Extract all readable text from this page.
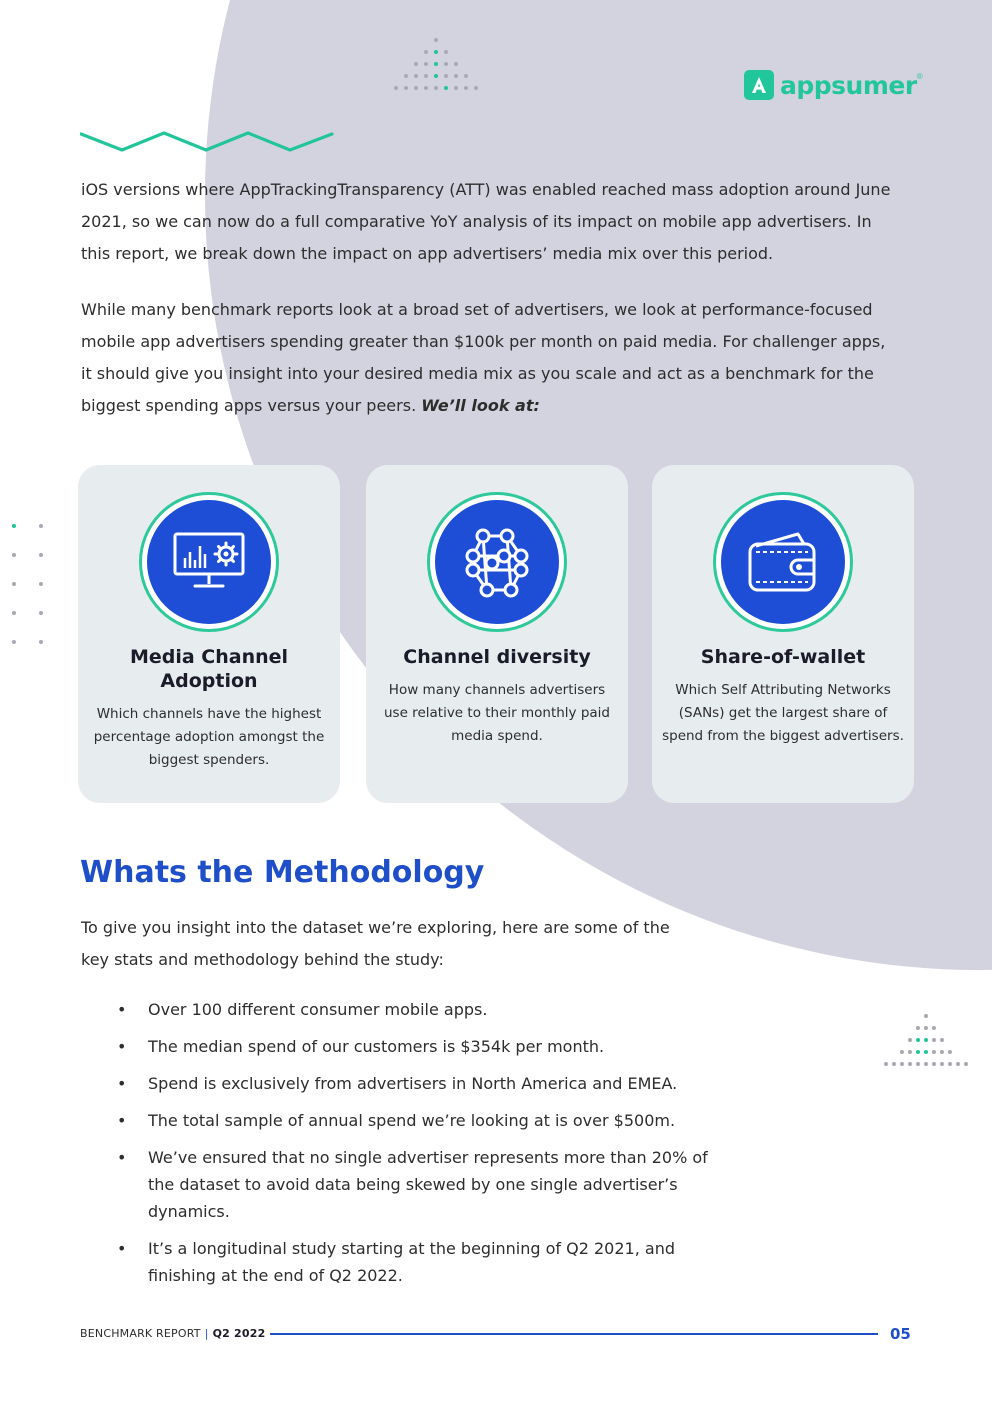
appsumer ®

iOS versions where AppTrackingTransparency (ATT) was enabled reached mass adoption around June 2021, so we can now do a full comparative YoY analysis of its impact on mobile app advertisers. In this report, we break down the impact on app advertisers’ media mix over this period.

While many benchmark reports look at a broad set of advertisers, we look at performance-focused mobile app advertisers spending greater than $100k per month on paid media. For challenger apps, it should give you insight into your desired media mix as you scale and act as a benchmark for the biggest spending apps versus your peers. We’ll look at:

Media Channel Adoption

Which channels have the highest percentage adoption amongst the biggest spenders.

Channel diversity

How many channels advertisers use relative to their monthly paid media spend.

Share-of-wallet

Which Self Attributing Networks (SANs) get the largest share of spend from the biggest advertisers.

Whats the Methodology

To give you insight into the dataset we’re exploring, here are some of the key stats and methodology behind the study:

• Over 100 different consumer mobile apps.
• The median spend of our customers is $354k per month.
• Spend is exclusively from advertisers in North America and EMEA.
• The total sample of annual spend we’re looking at is over $500m.
• We’ve ensured that no single advertiser represents more than 20% of the dataset to avoid data being skewed by one single advertiser’s dynamics.
• It’s a longitudinal study starting at the beginning of Q2 2021, and finishing at the end of Q2 2022.
BENCHMARK REPORT | Q2 2022	05
